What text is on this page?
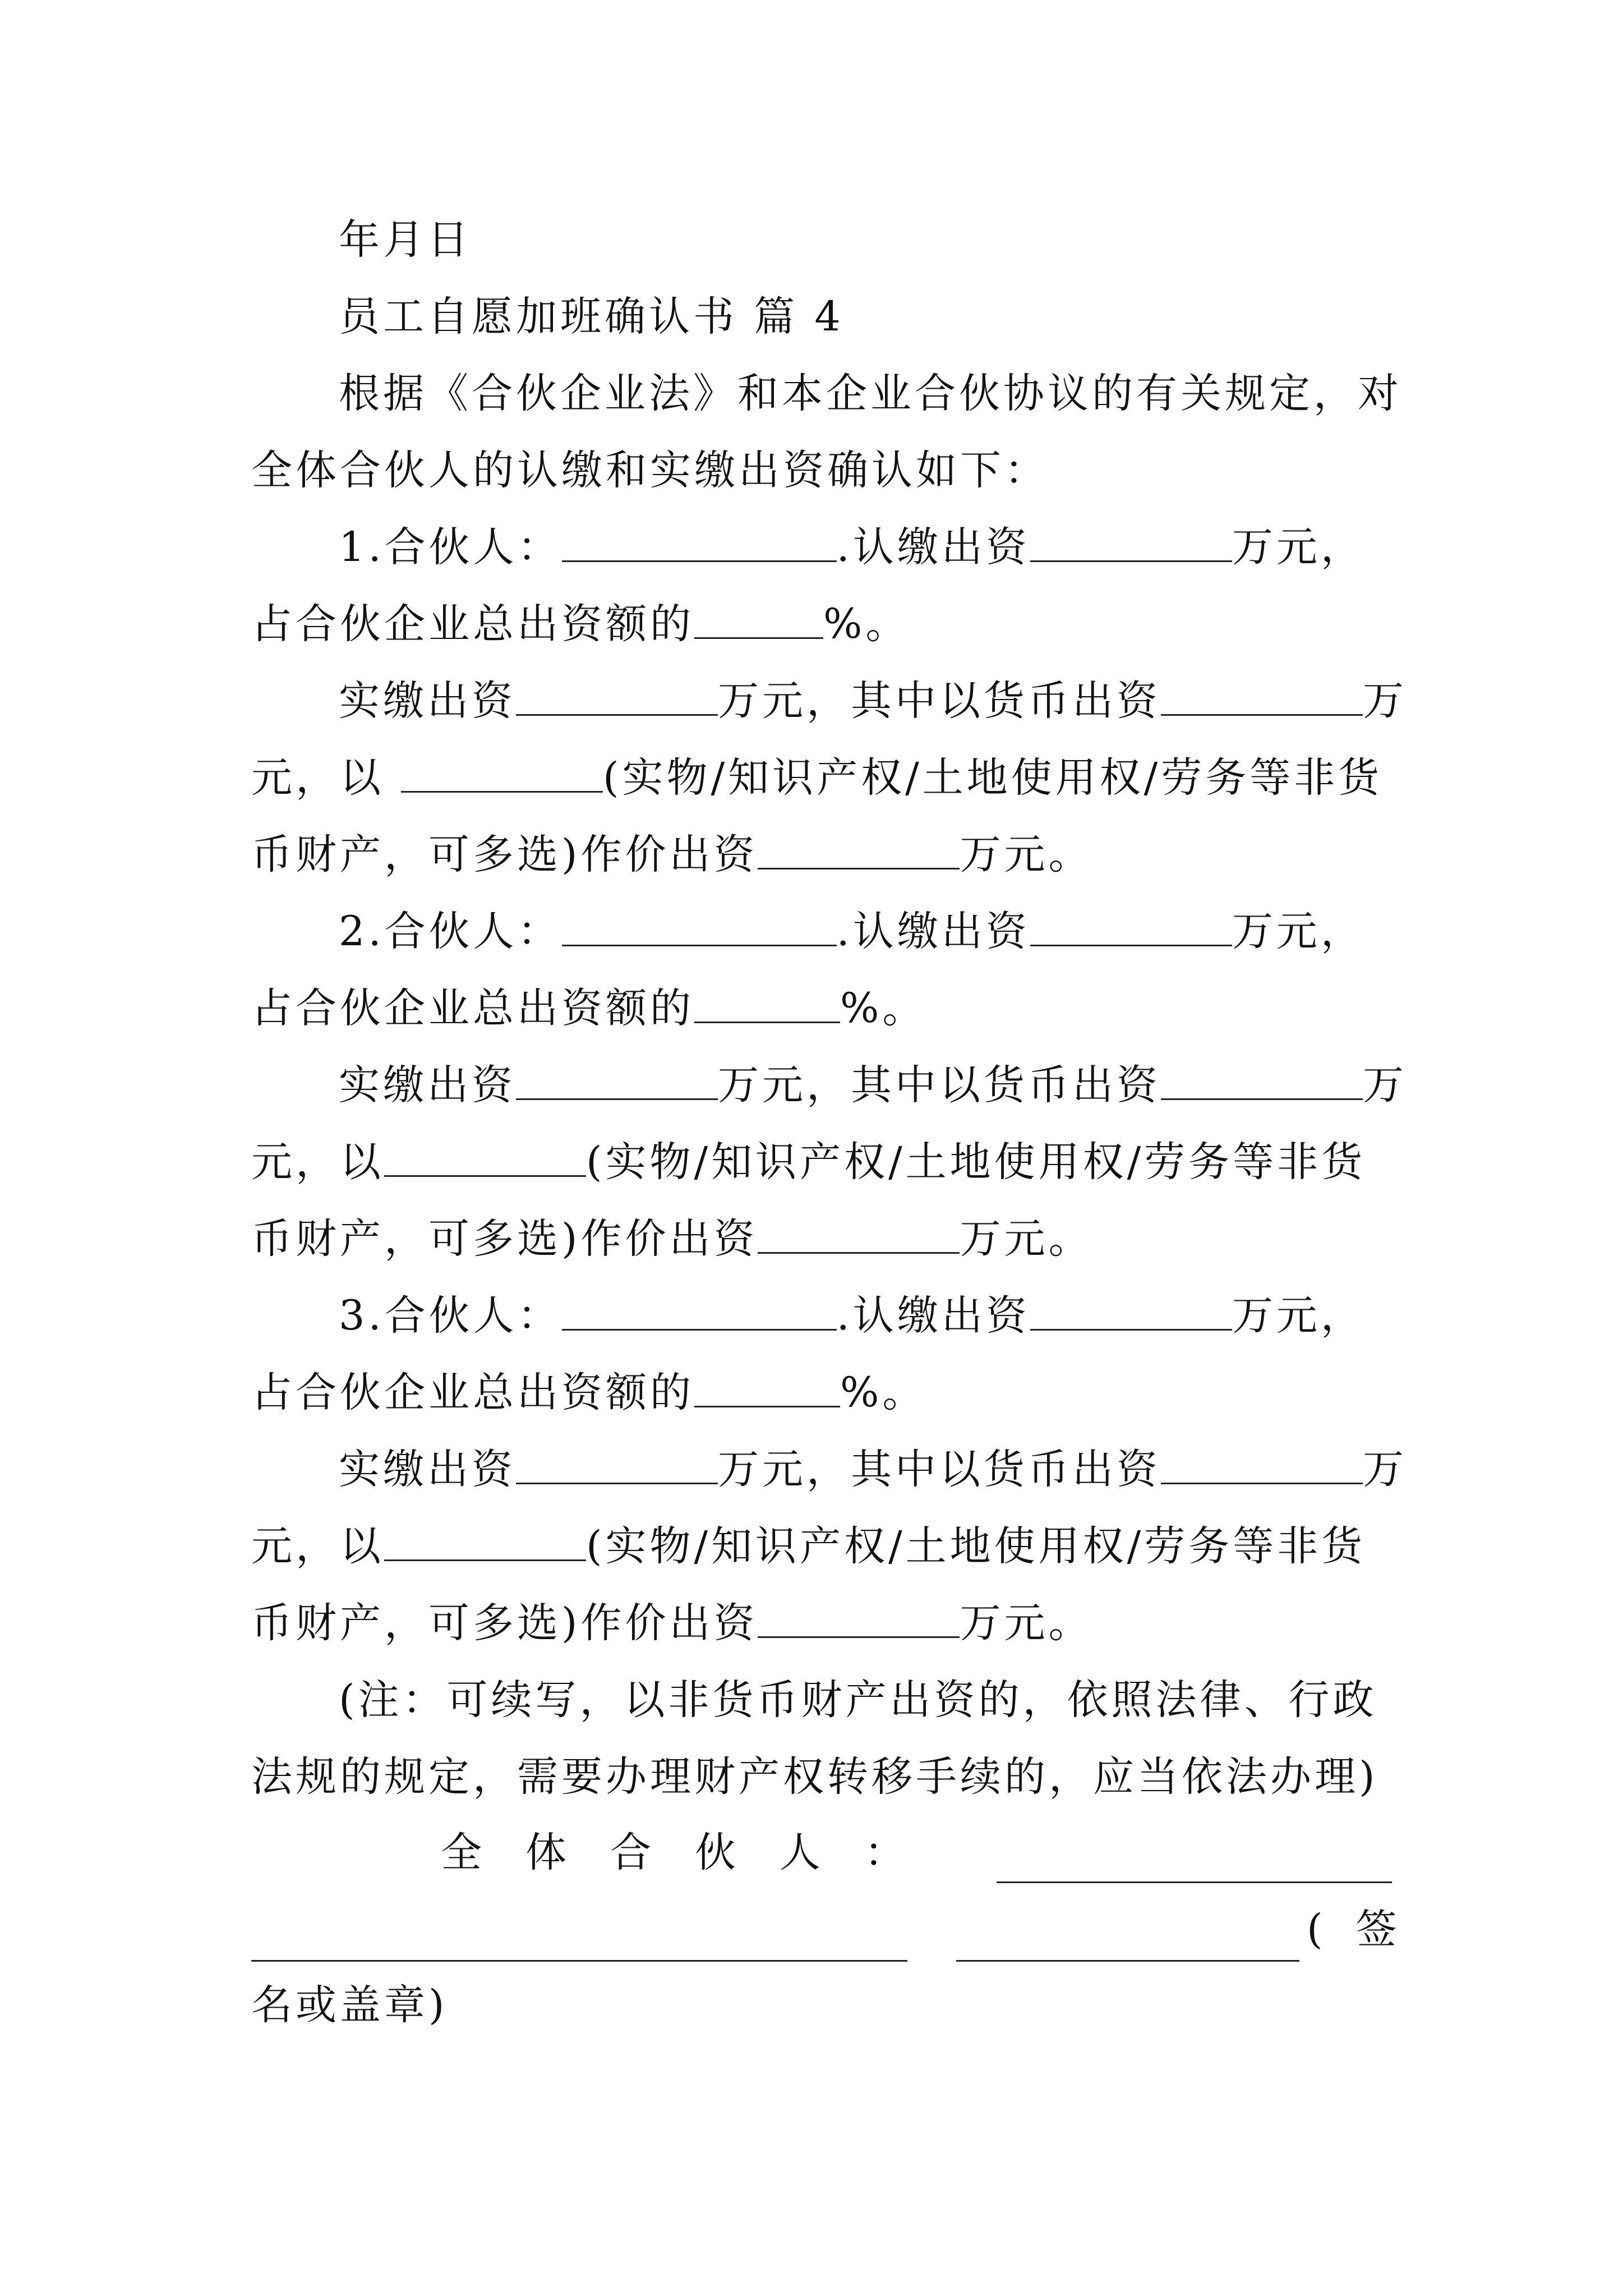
年月日
员工自愿加班确认书 篇 4
根据《合伙企业法》和本企业合伙协议的有关规定，对
全体合伙人的认缴和实缴出资确认如下：
1.合伙人：	.认缴出资	万元，
占合伙企业总出资额的	%。
实缴出资	万元，其中以货币出资	万
元，以	(实物/知识产权/土地使用权/劳务等非货
币财产，可多选)作价出资	万元。
2.合伙人：	.认缴出资	万元，
占合伙企业总出资额的	%。
实缴出资	万元，其中以货币出资	万
元，以	(实物/知识产权/土地使用权/劳务等非货
币财产，可多选)作价出资	万元。
3.合伙人：	.认缴出资	万元，
占合伙企业总出资额的	%。
实缴出资	万元，其中以货币出资	万
元，以	(实物/知识产权/土地使用权/劳务等非货
币财产，可多选)作价出资	万元。
(注：可续写，以非货币财产出资的，依照法律、行政
法规的规定，需要办理财产权转移手续的，应当依法办理)
全体合伙人：
( 签
名或盖章)
